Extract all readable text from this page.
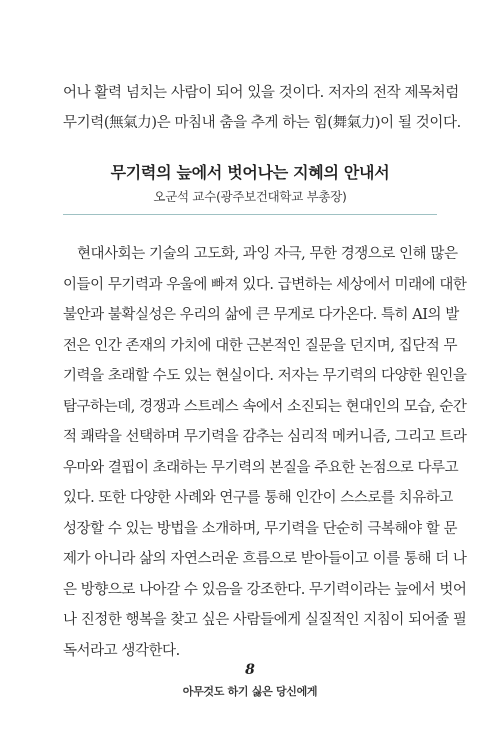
어나 활력 넘치는 사람이 되어 있을 것이다. 저자의 전작 제목처럼
무기력(無氣力)은 마침내 춤을 추게 하는 힘(舞氣力)이 될 것이다.
무기력의 늪에서 벗어나는 지혜의 안내서
오군석 교수(광주보건대학교 부총장)
현대사회는 기술의 고도화, 과잉 자극, 무한 경쟁으로 인해 많은
이들이 무기력과 우울에 빠져 있다. 급변하는 세상에서 미래에 대한
불안과 불확실성은 우리의 삶에 큰 무게로 다가온다. 특히 AI의 발
전은 인간 존재의 가치에 대한 근본적인 질문을 던지며, 집단적 무
기력을 초래할 수도 있는 현실이다. 저자는 무기력의 다양한 원인을
탐구하는데, 경쟁과 스트레스 속에서 소진되는 현대인의 모습, 순간
적 쾌락을 선택하며 무기력을 감추는 심리적 메커니즘, 그리고 트라
우마와 결핍이 초래하는 무기력의 본질을 주요한 논점으로 다루고
있다. 또한 다양한 사례와 연구를 통해 인간이 스스로를 치유하고
성장할 수 있는 방법을 소개하며, 무기력을 단순히 극복해야 할 문
제가 아니라 삶의 자연스러운 흐름으로 받아들이고 이를 통해 더 나
은 방향으로 나아갈 수 있음을 강조한다. 무기력이라는 늪에서 벗어
나 진정한 행복을 찾고 싶은 사람들에게 실질적인 지침이 되어줄 필
독서라고 생각한다.
8
아무것도 하기 싫은 당신에게
